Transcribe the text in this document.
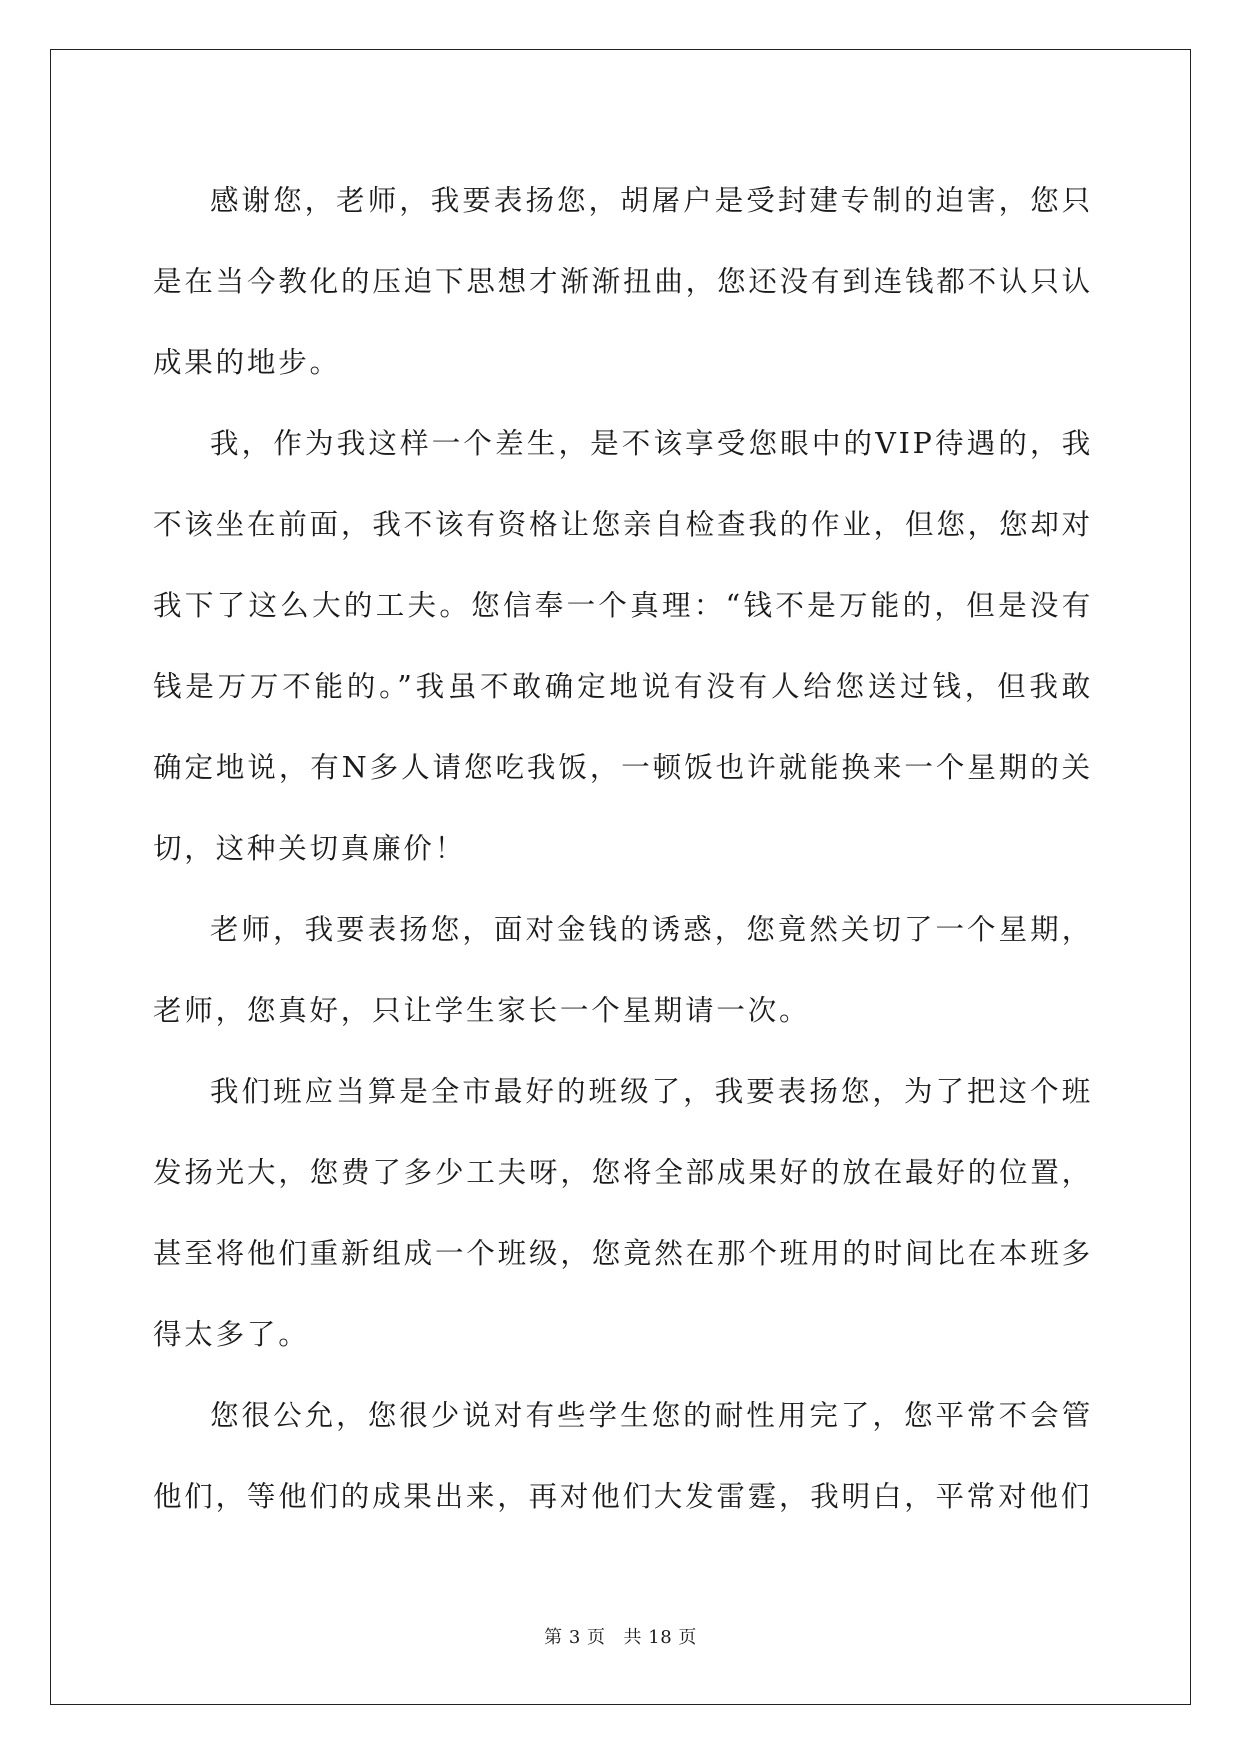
感谢您，老师，我要表扬您，胡屠户是受封建专制的迫害，您只是在当今教化的压迫下思想才渐渐扭曲，您还没有到连钱都不认只认成果的地步。

我，作为我这样一个差生，是不该享受您眼中的VIP待遇的，我不该坐在前面，我不该有资格让您亲自检查我的作业，但您，您却对我下了这么大的工夫。您信奉一个真理：“钱不是万能的，但是没有钱是万万不能的。”我虽不敢确定地说有没有人给您送过钱，但我敢确定地说，有N多人请您吃我饭，一顿饭也许就能换来一个星期的关切，这种关切真廉价！

老师，我要表扬您，面对金钱的诱惑，您竟然关切了一个星期，老师，您真好，只让学生家长一个星期请一次。

我们班应当算是全市最好的班级了，我要表扬您，为了把这个班发扬光大，您费了多少工夫呀，您将全部成果好的放在最好的位置，甚至将他们重新组成一个班级，您竟然在那个班用的时间比在本班多得太多了。

您很公允，您很少说对有些学生您的耐性用完了，您平常不会管他们，等他们的成果出来，再对他们大发雷霆，我明白，平常对他们

第 3 页 共 18 页
